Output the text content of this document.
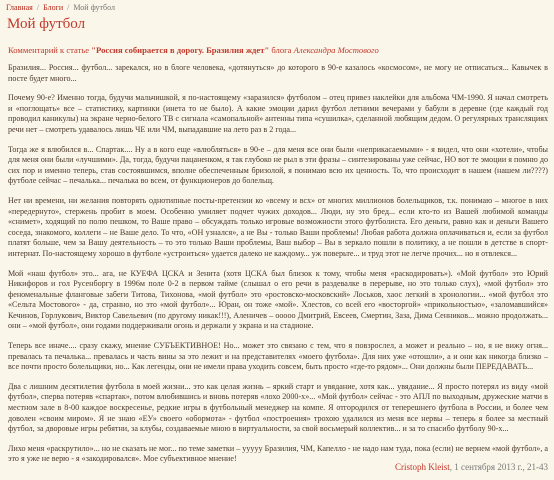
Главная / Блоги / Мой футбол
Мой футбол
Комментарий к статье "Россия собирается в дорогу. Бразилия ждет" блога Александра Мостового

Бразилия... Россия... футбол... зарекался, но в блоге человека, «дотянуться» до которого в 90-е казалось «космосом», не могу не отписаться... Кавычек в посте будет много...

Почему 90-е? Именно тогда, будучи мальчишкой, я по-настоящему «заразился» футболом – отец привез наклейки для альбома ЧМ-1990. Я начал смотреть и «поглощать» все – статистику, картинки (инета то не было). А какие эмоции дарил футбол летними вечерами у бабули в деревне (где каждый год проводил каникулы) на экране черно-белого ТВ с сигнала «самопальной» антенны типа «сушилка», сделанной любящим дедом. О регулярных трансляциях речи нет – смотреть удавалось лишь ЧЕ или ЧМ, выпадавшие на лето раз в 2 года...

Тогда же я влюбился в... Спартак.... Ну а в кого еще «влюбляться» в 90-е – для меня все они были «неприкасаемыми» - я видел, что они «хотели», чтобы для меня они были «лучшими». Да, тогда, будучи пацаненком, я так глубоко не рыл в эти фразы – синтезированы уже сейчас, НО вот те эмоции я помню до сих пор и именно теперь, став состоявшимся, вполне обеспеченным бризолой, я понимаю всю их ценность. То, что происходит в нашем (нашем ли????) футболе сейчас – печалька... печалька во всем, от функционеров до болельщ.

Нет ни времени, ни желания повторять однотипные посты-претензии ко «всему и всх» от многих миллионов болельщиков, т.к. понимаю – многое в них «передернуто», стержень пробит в моем. Особенно умиляет подчет чужих доходов... Люди, ну это бред... если кто-то из Вашей любимой команды «снимет», ходящий по полю пешком, то Ваше право – обсуждать только игровые возможности этого футболиста. Его деньги, равно как и деньги Вашего соседа, знакомого, коллеги – не Ваше дело. То что, «ОН узнался», а не Вы - только Ваши проблемы! Любая работа должна оплачиваться и, если за футбол платят больше, чем за Вашу деятельность – то это только Ваши проблемы, Ваш выбор – Вы в зеркало пошли в политику, а не пошли в детстве в спорт-интернат. По-настоящему хорошо в футболе «устроиться» удается далеко не каждому... уж поверьте... и труд этот не легче прочих... но я отвлекся...

Мой «наш футбол» это... ага, не КУЕФА ЦСКА и Зенита (хотя ЦСКА был близок к тому, чтобы меня «раскодировать»). «Мой футбол» это Юрий Никифоров и гол Русенборгу в 1996м поле 0-2 в первом тайме (слышал о его речи в раздевалке в перерыве, но это только слух), «мой футбол» это феноменальные фланговые забеги Титова, Тихонова, «мой футбол» это «ростовско-московский» Лоськов, хаос легкий в хронологии... «мой футбол это «Сельта Мостового» - да, странно, но это «мой футбол»... Юран, он тоже «мой». Хлестов, со всей его «восторгой» «прикольностью», «заломавшийся» Кечинов, Горлукович, Виктор Савельевич (по другому никак!!!), Аленичев – ооооо Дмитрий, Евсеев, Смертин, Заза, Дима Сенников... можно продолжать... они – «мой футбол», они годами поддерживали огонь и держали у экрана и на стадионе.

Теперь все иначе.... сразу скажу, мнение СУБЪЕКТИВНОЕ! Но... может это связано с тем, что я повзрослел, а может и реально – но, я не вижу огня... превалась та печалька... превалась и часть вины за это лежит и на представителях «моего футбола». Для них уже «отошли», а и они как никогда близко – все почти просто болельщики, но... Как легенды, они не имели права уходить совсем, быть просто «где-то рядом»... Они должны были ПЕРЕДАВАТЬ...

Два с лишним десятилетия футбола в моей жизни... это как целая жизнь – яркий старт и увядание, хотя как... увядание... Я просто потерял из виду «мой футбол», сперва потеряв «спартак», потом влюбившись и вновь потеряв «лохо 2000-х»... «Мой футбол» сейчас - это АПЛ по выходным, дружеские матчи в местном зале в 8-00 каждое воскресенье, редкие игры в футбольный менеджер на компе. Я отгородился от теперешнего футбола в России, и более чем доволен «своим миром». Я не знаю «ЕУ» своего «обормота» - футбол «построения» трохою удалился из меня все нервы – теперь я более за местный футбол, за дворовые игры ребятни, за клубы, создаваемые мною в виртуальности, за свой восьмерый коллектив... и за то спасибо футболу 90-х...

Лихо меня «раскрутило»... но не сказать не мог... по теме заметки – ууууу Бразилия, ЧМ, Капелло - не надо нам туда, пока (если) не вернем «мой футбол», а это я уже не верю - я «закодировался». Мое субъективное мнение!

Cristoph Kleist, 1 сентября 2013 г., 21-43
